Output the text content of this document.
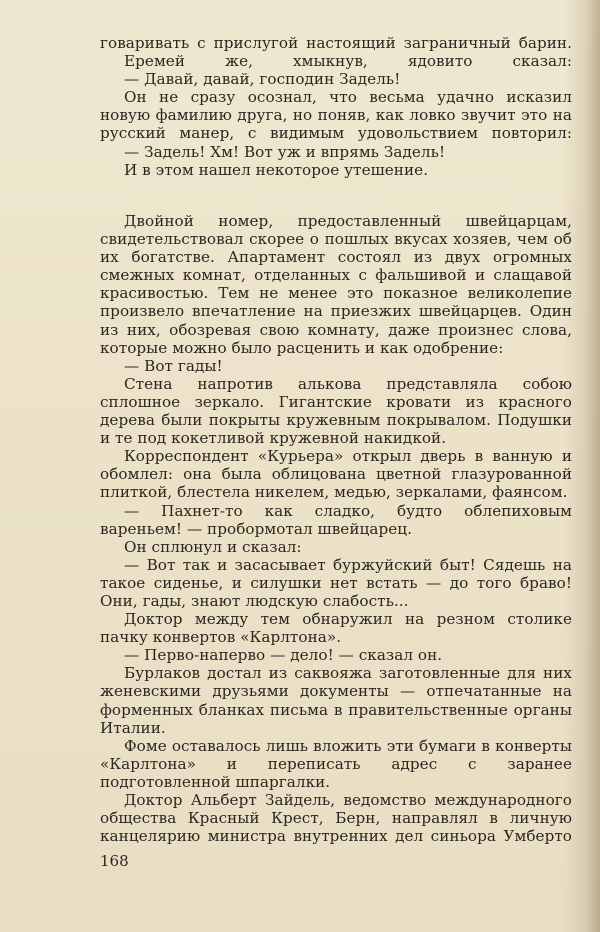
говаривать с прислугой настоящий заграничный барин.

Еремей же, хмыкнув, ядовито сказал:

— Давай, давай, господин Задель!

Он не сразу осознал, что весьма удачно исказил новую фамилию друга, но поняв, как ловко звучит это на русский манер, с видимым удовольствием повторил:

— Задель! Хм! Вот уж и впрямь Задель!

И в этом нашел некоторое утешение.

Двойной номер, предоставленный швейцарцам, свидетельствовал скорее о пошлых вкусах хозяев, чем об их богатстве. Апартамент состоял из двух огромных смежных комнат, отделанных с фальшивой и слащавой красивостью. Тем не менее это показное великолепие произвело впечатление на приезжих швейцарцев. Один из них, обозревая свою комнату, даже произнес слова, которые можно было расценить и как одобрение:

— Вот гады!

Стена напротив алькова представляла собою сплошное зеркало. Гигантские кровати из красного дерева были покрыты кружевным покрывалом. Подушки и те под кокетливой кружевной накидкой.

Корреспондент «Курьера» открыл дверь в ванную и обомлел: она была облицована цветной глазурованной плиткой, блестела никелем, медью, зеркалами, фаянсом.

— Пахнет-то как сладко, будто облепиховым вареньем! — пробормотал швейцарец.

Он сплюнул и сказал:

— Вот так и засасывает буржуйский быт! Сядешь на такое сиденье, и силушки нет встать — до того браво! Они, гады, знают людскую слабость...

Доктор между тем обнаружил на резном столике пачку конвертов «Карлтона».

— Перво-наперво — дело! — сказал он.

Бурлаков достал из саквояжа заготовленные для них женевскими друзьями документы — отпечатанные на форменных бланках письма в правительственные органы Италии.

Фоме оставалось лишь вложить эти бумаги в конверты «Карлтона» и переписать адрес с заранее подготовленной шпаргалки.

Доктор Альберт Зайдель, ведомство международного общества Красный Крест, Берн, направлял в личную канцелярию министра внутренних дел синьора Умберто

168
